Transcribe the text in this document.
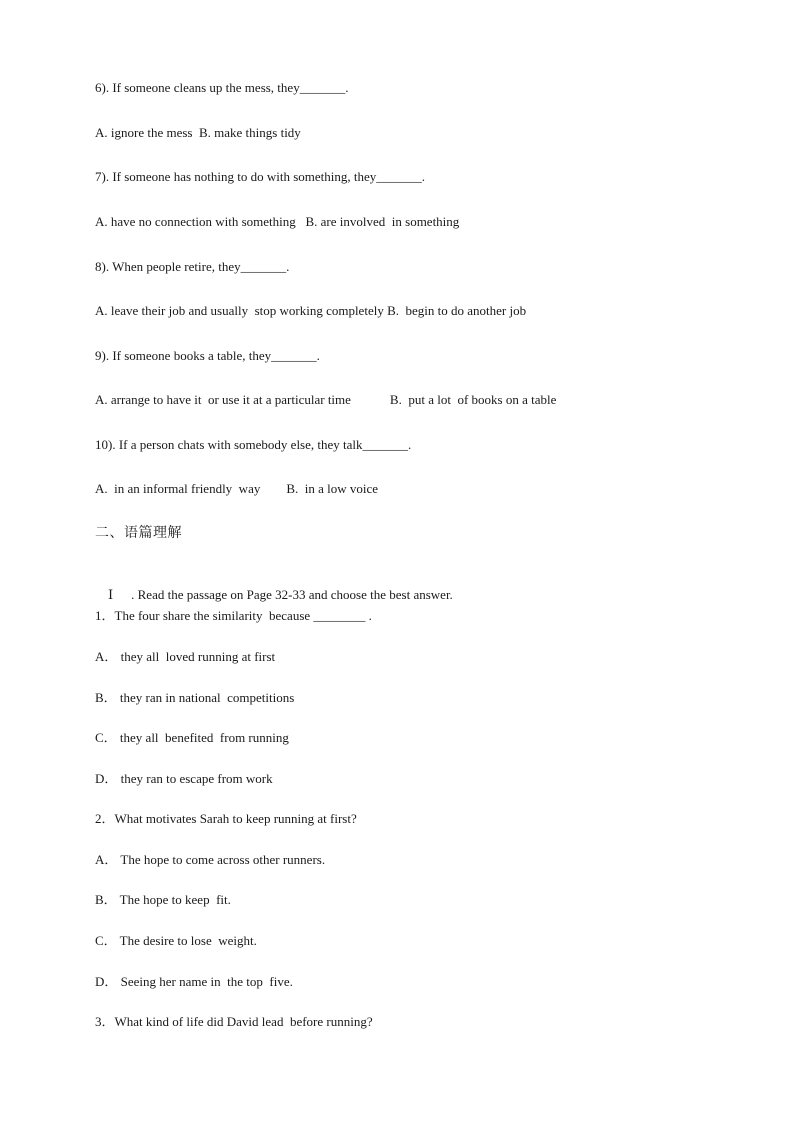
6). If someone cleans up the mess, they_______.
A. ignore the mess  B. make things tidy
7). If someone has nothing to do with something, they_______.
A. have no connection with something   B. are involved  in something
8). When people retire, they_______.
A. leave their job and usually  stop working completely B.  begin to do another job
9). If someone books a table, they_______.
A. arrange to have it  or use it at a particular time            B.  put a lot  of books on a table
10). If a person chats with somebody else, they talk_______.
A.  in an informal friendly  way        B.  in a low voice
二、语篇理解

Ⅰ . Read the passage on Page 32-33 and choose the best answer.

1．The four share the similarity  because ________ .
A． they all  loved running at first
B． they ran in national  competitions
C． they all  benefited  from running
D． they ran to escape from work
2．What motivates Sarah to keep running at first?
A． The hope to come across other runners.
B． The hope to keep  fit.
C． The desire to lose  weight.
D． Seeing her name in  the top  five.
3．What kind of life did David lead  before running?
